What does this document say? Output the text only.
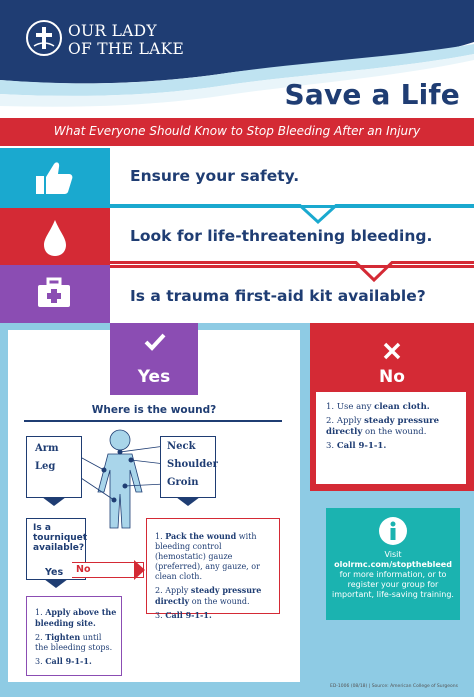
OUR LADY
OF THE LAKE
Save a Life
What Everyone Should Know to Stop Bleeding After an Injury
Ensure your safety.
Look for life-threatening bleeding.
Is a trauma first-aid kit available?
1. Use any clean cloth.
2. Apply steady pressure directly on the wound.
3. Call 9-1-1.
Yes	No
Where is the wound?
Arm
Leg
Neck
Shoulder
Groin
Is a tourniquet available?
Yes No
1. Pack the wound with bleeding control (hemostatic) gauze (preferred), any gauze, or clean cloth.
2. Apply steady pressure directly on the wound.
3. Call 9-1-1.
1. Apply above the bleeding site.
2. Tighten until the bleeding stops.
3. Call 9-1-1.
Visit
ololrmc.com/stopthebleed
for more information, or to register your group for important, life-saving training.
ED-1006 (08/18) | Source: American College of Surgeons
